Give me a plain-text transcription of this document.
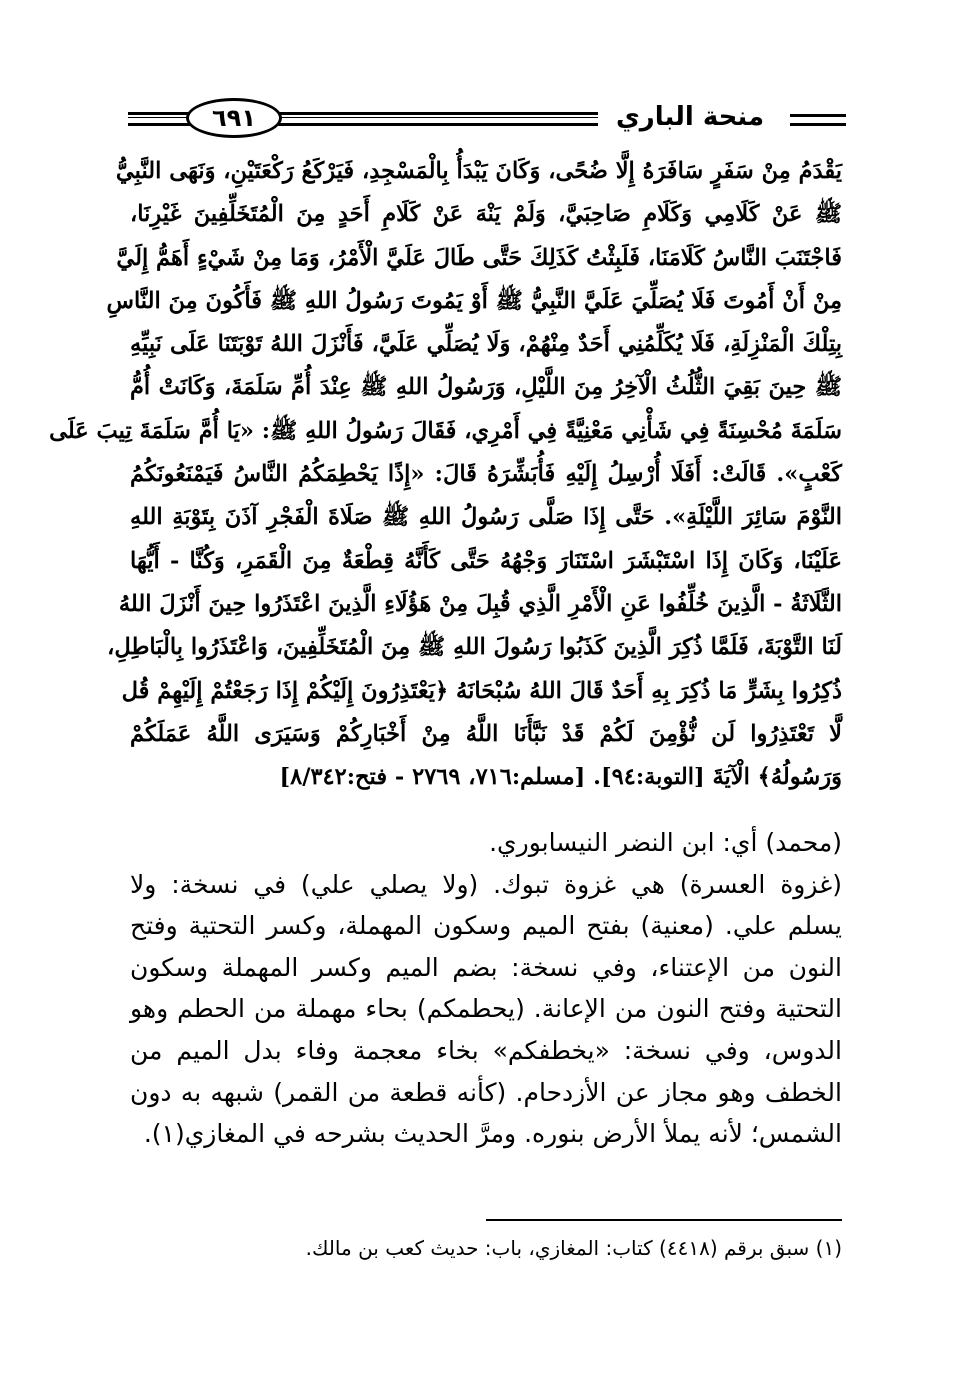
٦٩١	منحة الباري
يَقْدَمُ مِنْ سَفَرٍ سَافَرَهُ إِلَّا ضُحًى، وَكَانَ يَبْدَأُ بِالْمَسْجِدِ، فَيَرْكَعُ رَكْعَتَيْنِ، وَنَهَى النَّبِيُّ
ﷺ عَنْ كَلَامِي وَكَلَامِ صَاحِبَيَّ، وَلَمْ يَنْهَ عَنْ كَلَامِ أَحَدٍ مِنَ الْمُتَخَلِّفِينَ غَيْرِنَا،
فَاجْتَنَبَ النَّاسُ كَلَامَنَا، فَلَبِثْتُ كَذَلِكَ حَتَّى طَالَ عَلَيَّ الْأَمْرُ، وَمَا مِنْ شَيْءٍ أَهَمُّ إِلَيَّ
مِنْ أَنْ أَمُوتَ فَلَا يُصَلِّيَ عَلَيَّ النَّبِيُّ ﷺ أَوْ يَمُوتَ رَسُولُ اللهِ ﷺ فَأَكُونَ مِنَ النَّاسِ
بِتِلْكَ الْمَنْزِلَةِ، فَلَا يُكَلِّمُنِي أَحَدٌ مِنْهُمْ، وَلَا يُصَلِّي عَلَيَّ، فَأَنْزَلَ اللهُ تَوْبَتَنَا عَلَى نَبِيِّهِ
ﷺ حِينَ بَقِيَ الثُّلُثُ الْآخِرُ مِنَ اللَّيْلِ، وَرَسُولُ اللهِ ﷺ عِنْدَ أُمِّ سَلَمَةَ، وَكَانَتْ أُمُّ
سَلَمَةَ مُحْسِنَةً فِي شَأْنِي مَعْنِيَّةً فِي أَمْرِي، فَقَالَ رَسُولُ اللهِ ﷺ: «يَا أُمَّ سَلَمَةَ تِيبَ عَلَى
كَعْبٍ». قَالَتْ: أَفَلَا أُرْسِلُ إِلَيْهِ فَأُبَشِّرَهُ قَالَ: «إِذًا يَحْطِمَكُمُ النَّاسُ فَيَمْنَعُونَكُمُ
النَّوْمَ سَائِرَ اللَّيْلَةِ». حَتَّى إِذَا صَلَّى رَسُولُ اللهِ ﷺ صَلَاةَ الْفَجْرِ آذَنَ بِتَوْبَةِ اللهِ
عَلَيْنَا، وَكَانَ إِذَا اسْتَبْشَرَ اسْتَنَارَ وَجْهُهُ حَتَّى كَأَنَّهُ قِطْعَةٌ مِنَ الْقَمَرِ، وَكُنَّا - أَيُّهَا
الثَّلَاثَةُ - الَّذِينَ خُلِّفُوا عَنِ الْأَمْرِ الَّذِي قُبِلَ مِنْ هَؤُلَاءِ الَّذِينَ اعْتَذَرُوا حِينَ أَنْزَلَ اللهُ
لَنَا التَّوْبَةَ، فَلَمَّا ذُكِرَ الَّذِينَ كَذَبُوا رَسُولَ اللهِ ﷺ مِنَ الْمُتَخَلِّفِينَ، وَاعْتَذَرُوا بِالْبَاطِلِ،
ذُكِرُوا بِشَرٍّ مَا ذُكِرَ بِهِ أَحَدٌ قَالَ اللهُ سُبْحَانَهُ ﴿يَعْتَذِرُونَ إِلَيْكُمْ إِذَا رَجَعْتُمْ إِلَيْهِمْ قُل
لَّا تَعْتَذِرُوا لَن نُّؤْمِنَ لَكُمْ قَدْ نَبَّأَنَا اللَّهُ مِنْ أَخْبَارِكُمْ وَسَيَرَى اللَّهُ عَمَلَكُمْ
وَرَسُولُهُ﴾ الْآيَةَ [التوبة:٩٤]. [مسلم:٧١٦، ٢٧٦٩ - فتح:٨/٣٤٢]
(محمد) أي: ابن النضر النيسابوري.
(غزوة العسرة) هي غزوة تبوك. (ولا يصلي علي) في نسخة: ولا
يسلم علي. (معنية) بفتح الميم وسكون المهملة، وكسر التحتية وفتح
النون من الإعتناء، وفي نسخة: بضم الميم وكسر المهملة وسكون
التحتية وفتح النون من الإعانة. (يحطمكم) بحاء مهملة من الحطم وهو
الدوس، وفي نسخة: «يخطفكم» بخاء معجمة وفاء بدل الميم من
الخطف وهو مجاز عن الأزدحام. (كأنه قطعة من القمر) شبهه به دون
الشمس؛ لأنه يملأ الأرض بنوره. ومرَّ الحديث بشرحه في المغازي(١).
(١) سبق برقم (٤٤١٨) كتاب: المغازي، باب: حديث كعب بن مالك.
